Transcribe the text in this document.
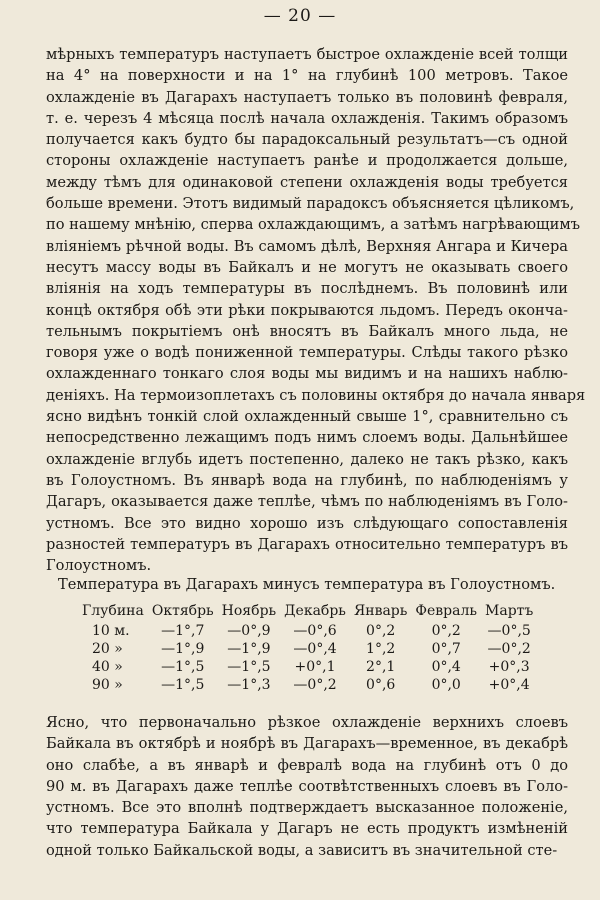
— 20 —

мѣрныхъ температуръ наступаетъ быстрое охлажденіе всей толщи
на 4° на поверхности и на 1° на глубинѣ 100 метровъ. Такое
охлажденіе въ Дагарахъ наступаетъ только въ половинѣ февраля,
т. е. черезъ 4 мѣсяца послѣ начала охлажденія. Такимъ образомъ
получается какъ будто бы парадоксальный результатъ—съ одной
стороны охлажденіе наступаетъ ранѣе и продолжается дольше,
между тѣмъ для одинаковой степени охлажденія воды требуется
больше времени. Этотъ видимый парадоксъ объясняется цѣликомъ,
по нашему мнѣнію, сперва охлаждающимъ, а затѣмъ нагрѣвающимъ
вліяніемъ рѣчной воды. Въ самомъ дѣлѣ, Верхняя Ангара и Кичера
несутъ массу воды въ Байкалъ и не могутъ не оказывать своего
вліянія на ходъ температуры въ послѣднемъ. Въ половинѣ или
концѣ октября обѣ эти рѣки покрываются льдомъ. Передъ оконча-
тельнымъ покрытіемъ онѣ вносятъ въ Байкалъ много льда, не
говоря уже о водѣ пониженной температуры. Слѣды такого рѣзко
охлажденнаго тонкаго слоя воды мы видимъ и на нашихъ наблю-
деніяхъ. На термоизоплетахъ съ половины октября до начала января
ясно видѣнъ тонкій слой охлажденный свыше 1°, сравнительно съ
непосредственно лежащимъ подъ нимъ слоемъ воды. Дальнѣйшее
охлажденіе вглубь идетъ постепенно, далеко не такъ рѣзко, какъ
въ Голоустномъ. Въ январѣ вода на глубинѣ, по наблюденіямъ у
Дагаръ, оказывается даже теплѣе, чѣмъ по наблюденіямъ въ Голо-
устномъ. Все это видно хорошо изъ слѣдующаго сопоставленія
разностей температуръ въ Дагарахъ относительно температуръ въ
Голоустномъ.

Температура въ Дагарахъ минусъ температура въ Голоустномъ.
Глубина	Октябрь	Ноябрь	Декабрь	Январь	Февраль	Мартъ
10 м.	—1°,7	—0°,9	—0°,6	0°,2	0°,2	—0°,5
20 »	—1°,9	—1°,9	—0°,4	1°,2	0°,7	—0°,2
40 »	—1°,5	—1°,5	+0°,1	2°,1	0°,4	+0°,3
90 »	—1°,5	—1°,3	—0°,2	0°,6	0°,0	+0°,4

Ясно, что первоначально рѣзкое охлажденіе верхнихъ слоевъ
Байкала въ октябрѣ и ноябрѣ въ Дагарахъ—временное, въ декабрѣ
оно слабѣе, а въ январѣ и февралѣ вода на глубинѣ отъ 0 до
90 м. въ Дагарахъ даже теплѣе соотвѣтственныхъ слоевъ въ Голо-
устномъ. Все это вполнѣ подтверждаетъ высказанное положеніе,
что температура Байкала у Дагаръ не есть продуктъ измѣненій
одной только Байкальской воды, а зависитъ въ значительной сте-
